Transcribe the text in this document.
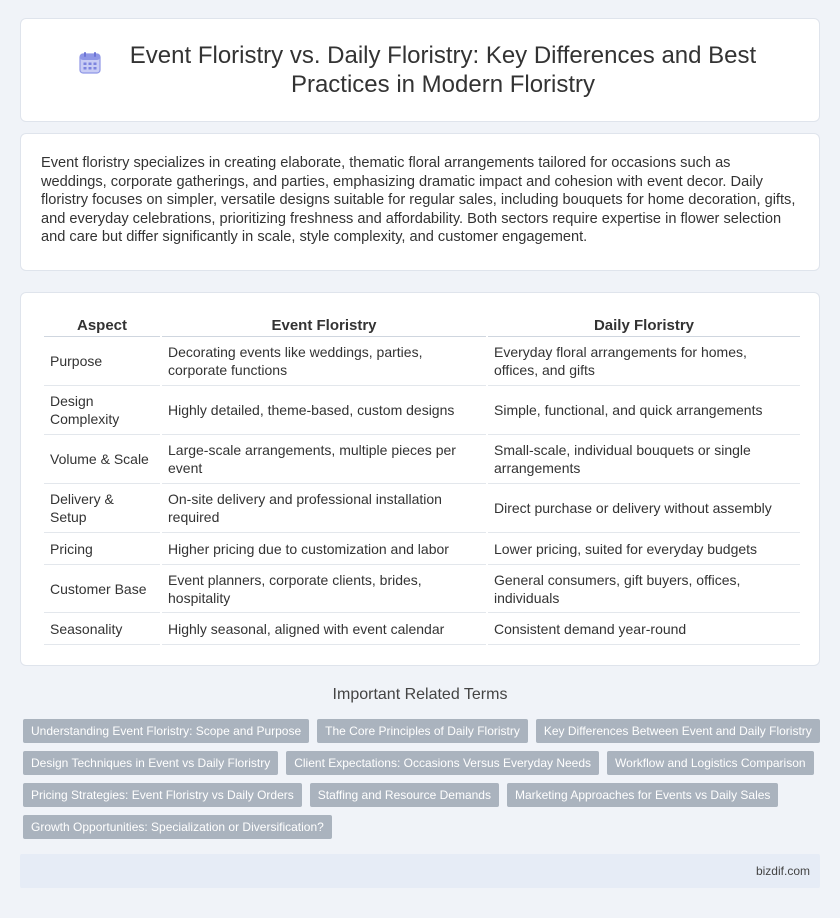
Event Floristry vs. Daily Floristry: Key Differences and Best Practices in Modern Floristry

Event floristry specializes in creating elaborate, thematic floral arrangements tailored for occasions such as weddings, corporate gatherings, and parties, emphasizing dramatic impact and cohesion with event decor. Daily floristry focuses on simpler, versatile designs suitable for regular sales, including bouquets for home decoration, gifts, and everyday celebrations, prioritizing freshness and affordability. Both sectors require expertise in flower selection and care but differ significantly in scale, style complexity, and customer engagement.

Aspect	Event Floristry	Daily Floristry
Purpose	Decorating events like weddings, parties, corporate functions	Everyday floral arrangements for homes, offices, and gifts
Design Complexity	Highly detailed, theme-based, custom designs	Simple, functional, and quick arrangements
Volume & Scale	Large-scale arrangements, multiple pieces per event	Small-scale, individual bouquets or single arrangements
Delivery & Setup	On-site delivery and professional installation required	Direct purchase or delivery without assembly
Pricing	Higher pricing due to customization and labor	Lower pricing, suited for everyday budgets
Customer Base	Event planners, corporate clients, brides, hospitality	General consumers, gift buyers, offices, individuals
Seasonality	Highly seasonal, aligned with event calendar	Consistent demand year-round
Important Related Terms
Understanding Event Floristry: Scope and Purpose	The Core Principles of Daily Floristry	Key Differences Between Event and Daily Floristry
Design Techniques in Event vs Daily Floristry	Client Expectations: Occasions Versus Everyday Needs	Workflow and Logistics Comparison
Pricing Strategies: Event Floristry vs Daily Orders	Staffing and Resource Demands	Marketing Approaches for Events vs Daily Sales
Growth Opportunities: Specialization or Diversification?
bizdif.com
